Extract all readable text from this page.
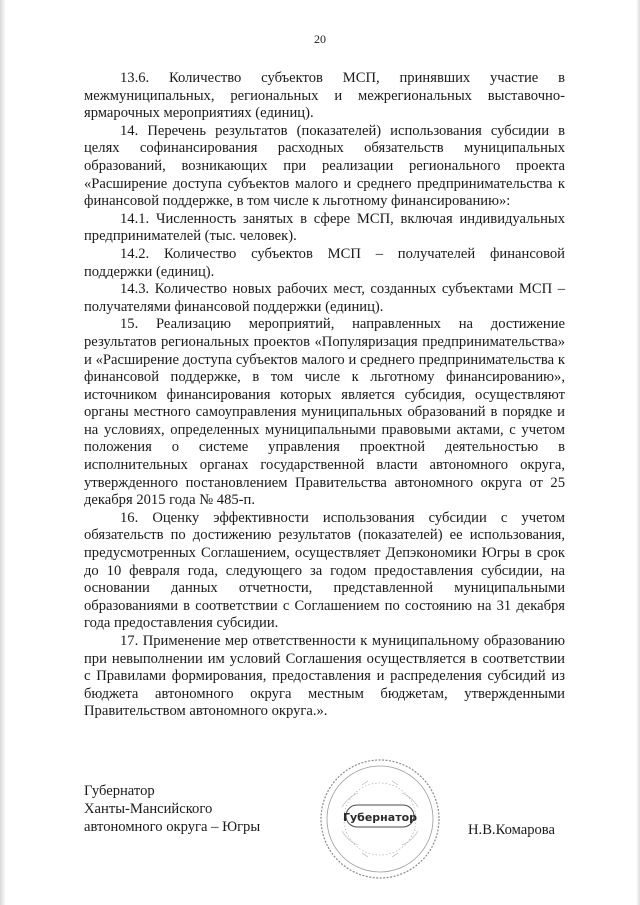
20

13.6. Количество субъектов МСП, принявших участие в межмуниципальных, региональных и межрегиональных выставочно-ярмарочных мероприятиях (единиц).

14. Перечень результатов (показателей) использования субсидии в целях софинансирования расходных обязательств муниципальных образований, возникающих при реализации регионального проекта «Расширение доступа субъектов малого и среднего предпринимательства к финансовой поддержке, в том числе к льготному финансированию»:

14.1. Численность занятых в сфере МСП, включая индивидуальных предпринимателей (тыс. человек).

14.2. Количество субъектов МСП – получателей финансовой поддержки (единиц).

14.3. Количество новых рабочих мест, созданных субъектами МСП – получателями финансовой поддержки (единиц).

15. Реализацию мероприятий, направленных на достижение результатов региональных проектов «Популяризация предпринимательства» и «Расширение доступа субъектов малого и среднего предпринимательства к финансовой поддержке, в том числе к льготному финансированию», источником финансирования которых является субсидия, осуществляют органы местного самоуправления муниципальных образований в порядке и на условиях, определенных муниципальными правовыми актами, с учетом положения о системе управления проектной деятельностью в исполнительных органах государственной власти автономного округа, утвержденного постановлением Правительства автономного округа от 25 декабря 2015 года № 485-п.

16. Оценку эффективности использования субсидии с учетом обязательств по достижению результатов (показателей) ее использования, предусмотренных Соглашением, осуществляет Депэкономики Югры в срок до 10 февраля года, следующего за годом предоставления субсидии, на основании данных отчетности, представленной муниципальными образованиями в соответствии с Соглашением по состоянию на 31 декабря года предоставления субсидии.

17. Применение мер ответственности к муниципальному образованию при невыполнении им условий Соглашения осуществляется в соответствии с Правилами формирования, предоставления и распределения субсидий из бюджета автономного округа местным бюджетам, утвержденными Правительством автономного округа.».

Губернатор
Ханты-Мансийского
автономного округа – Югры
Губернатор
Н.В.Комарова
